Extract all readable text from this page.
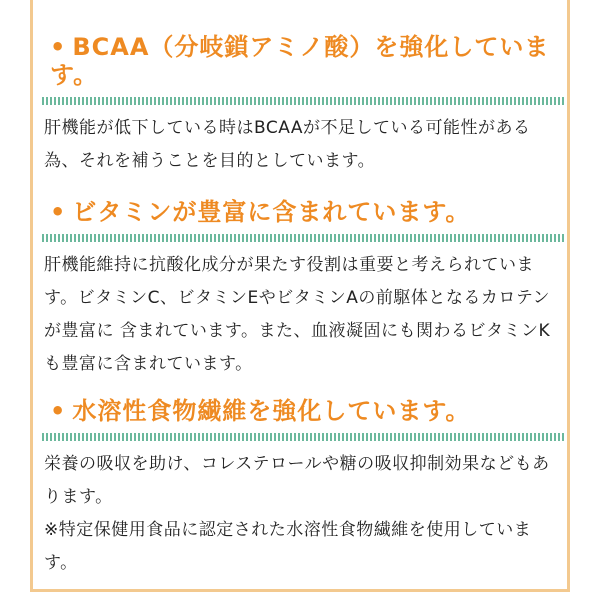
• BCAA（分岐鎖アミノ酸）を強化しています。

肝機能が低下している時はBCAAが不足している可能性がある為、それを補うことを目的としています。

• ビタミンが豊富に含まれています。

肝機能維持に抗酸化成分が果たす役割は重要と考えられています。ビタミンC、ビタミンEやビタミンAの前駆体となるカロテンが豊富に 含まれています。また、血液凝固にも関わるビタミンKも豊富に含まれています。

• 水溶性食物繊維を強化しています。

栄養の吸収を助け、コレステロールや糖の吸収抑制効果などもあります。

※特定保健用食品に認定された水溶性食物繊維を使用しています。
